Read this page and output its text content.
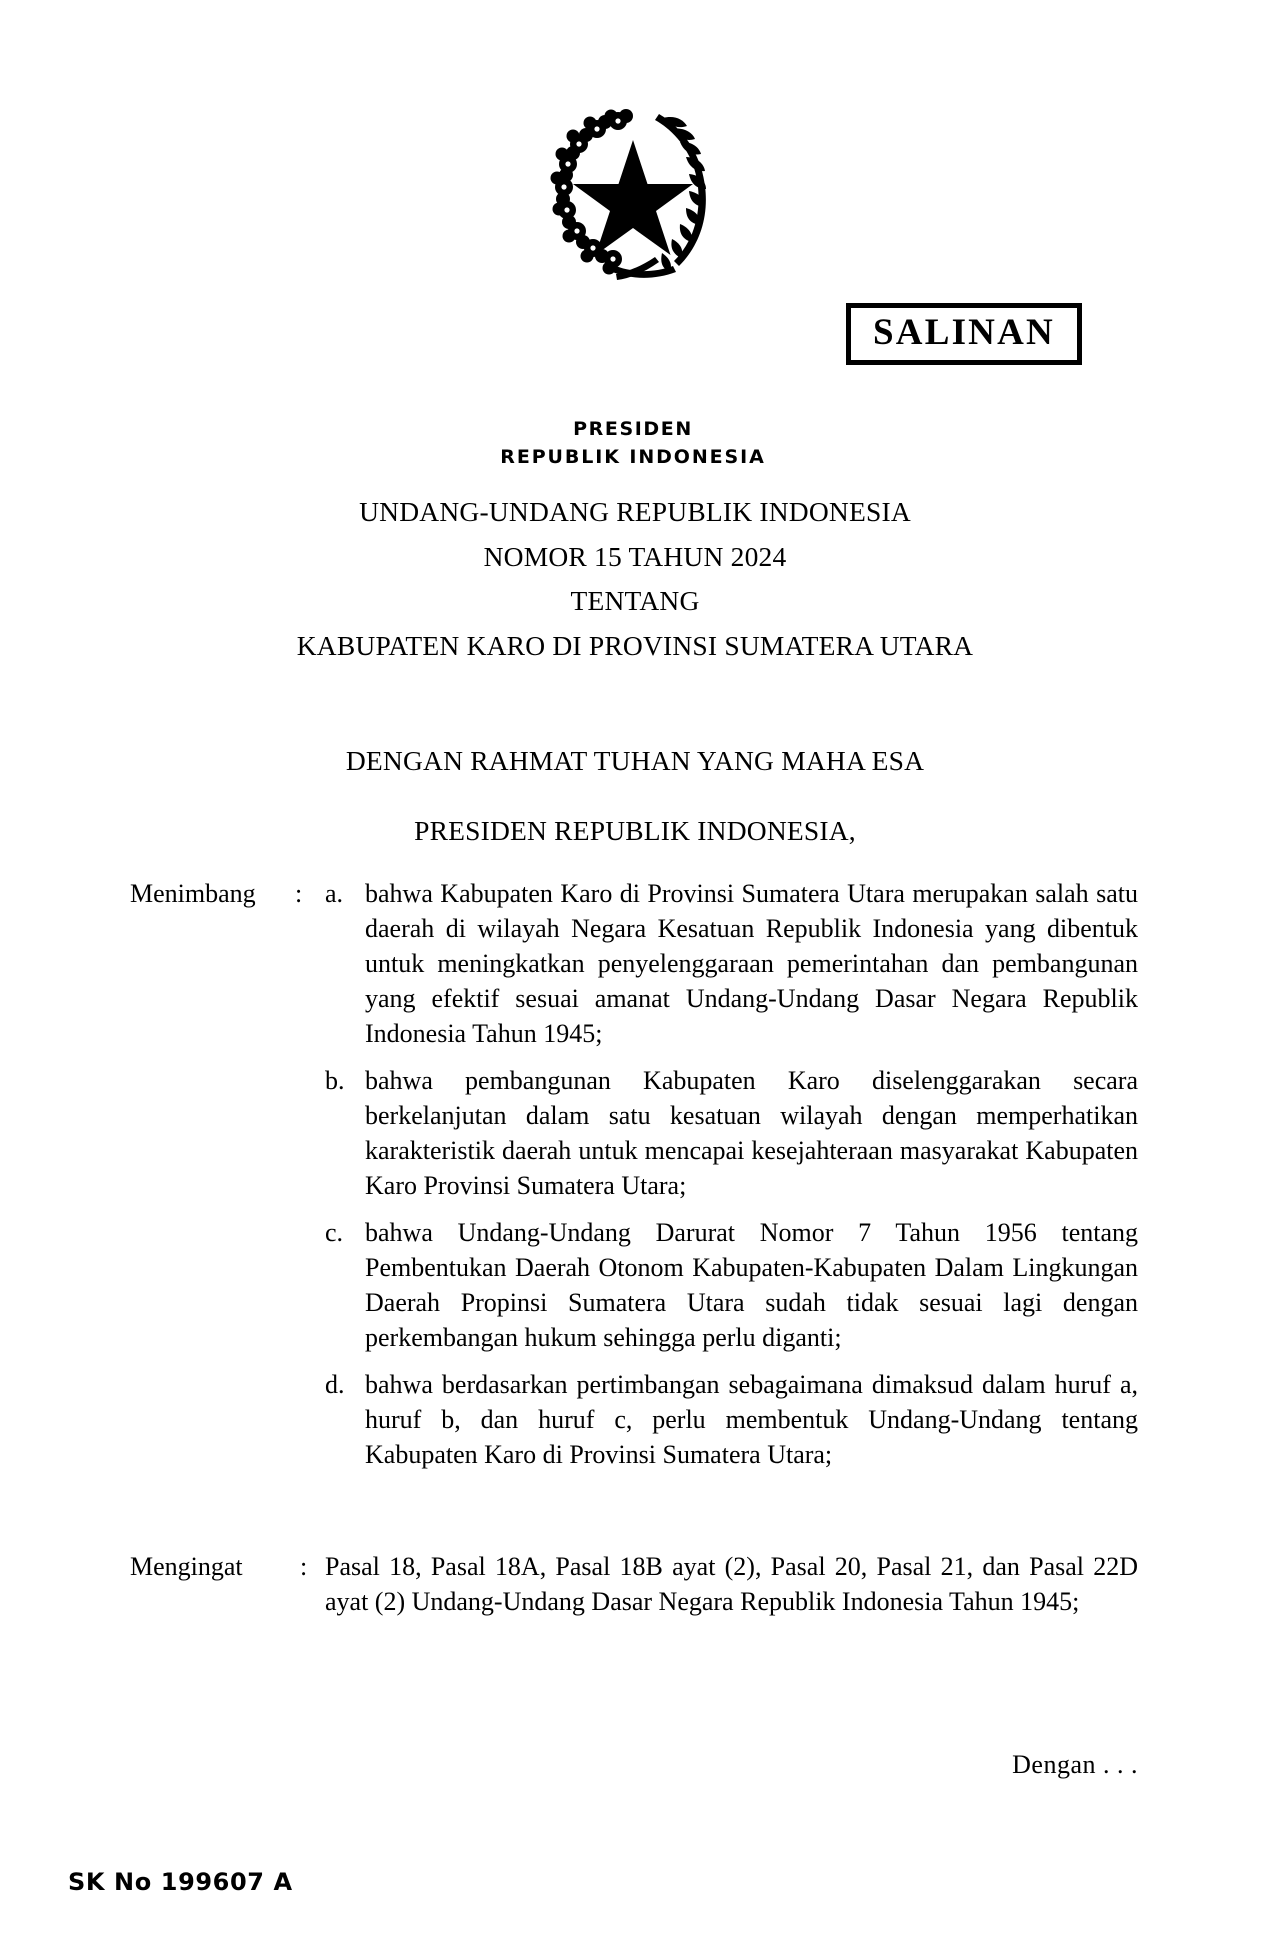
SALINAN
PRESIDEN
REPUBLIK INDONESIA
UNDANG-UNDANG REPUBLIK INDONESIA
NOMOR 15 TAHUN 2024
TENTANG
KABUPATEN KARO DI PROVINSI SUMATERA UTARA
DENGAN RAHMAT TUHAN YANG MAHA ESA
PRESIDEN REPUBLIK INDONESIA,
Menimbang	: a. bahwa Kabupaten Karo di Provinsi Sumatera Utara merupakan salah satu daerah di wilayah Negara Kesatuan Republik Indonesia yang dibentuk untuk meningkatkan penyelenggaraan pemerintahan dan pembangunan yang efektif sesuai amanat Undang-Undang Dasar Negara Republik Indonesia Tahun 1945;
b. bahwa pembangunan Kabupaten Karo diselenggarakan secara berkelanjutan dalam satu kesatuan wilayah dengan memperhatikan karakteristik daerah untuk mencapai kesejahteraan masyarakat Kabupaten Karo Provinsi Sumatera Utara;
c. bahwa Undang-Undang Darurat Nomor 7 Tahun 1956 tentang Pembentukan Daerah Otonom Kabupaten-Kabupaten Dalam Lingkungan Daerah Propinsi Sumatera Utara sudah tidak sesuai lagi dengan perkembangan hukum sehingga perlu diganti;
d. bahwa berdasarkan pertimbangan sebagaimana dimaksud dalam huruf a, huruf b, dan huruf c, perlu membentuk Undang-Undang tentang Kabupaten Karo di Provinsi Sumatera Utara;
Mengingat	: Pasal 18, Pasal 18A, Pasal 18B ayat (2), Pasal 20, Pasal 21, dan Pasal 22D ayat (2) Undang-Undang Dasar Negara Republik Indonesia Tahun 1945;
Dengan . . .
SK No 199607 A
